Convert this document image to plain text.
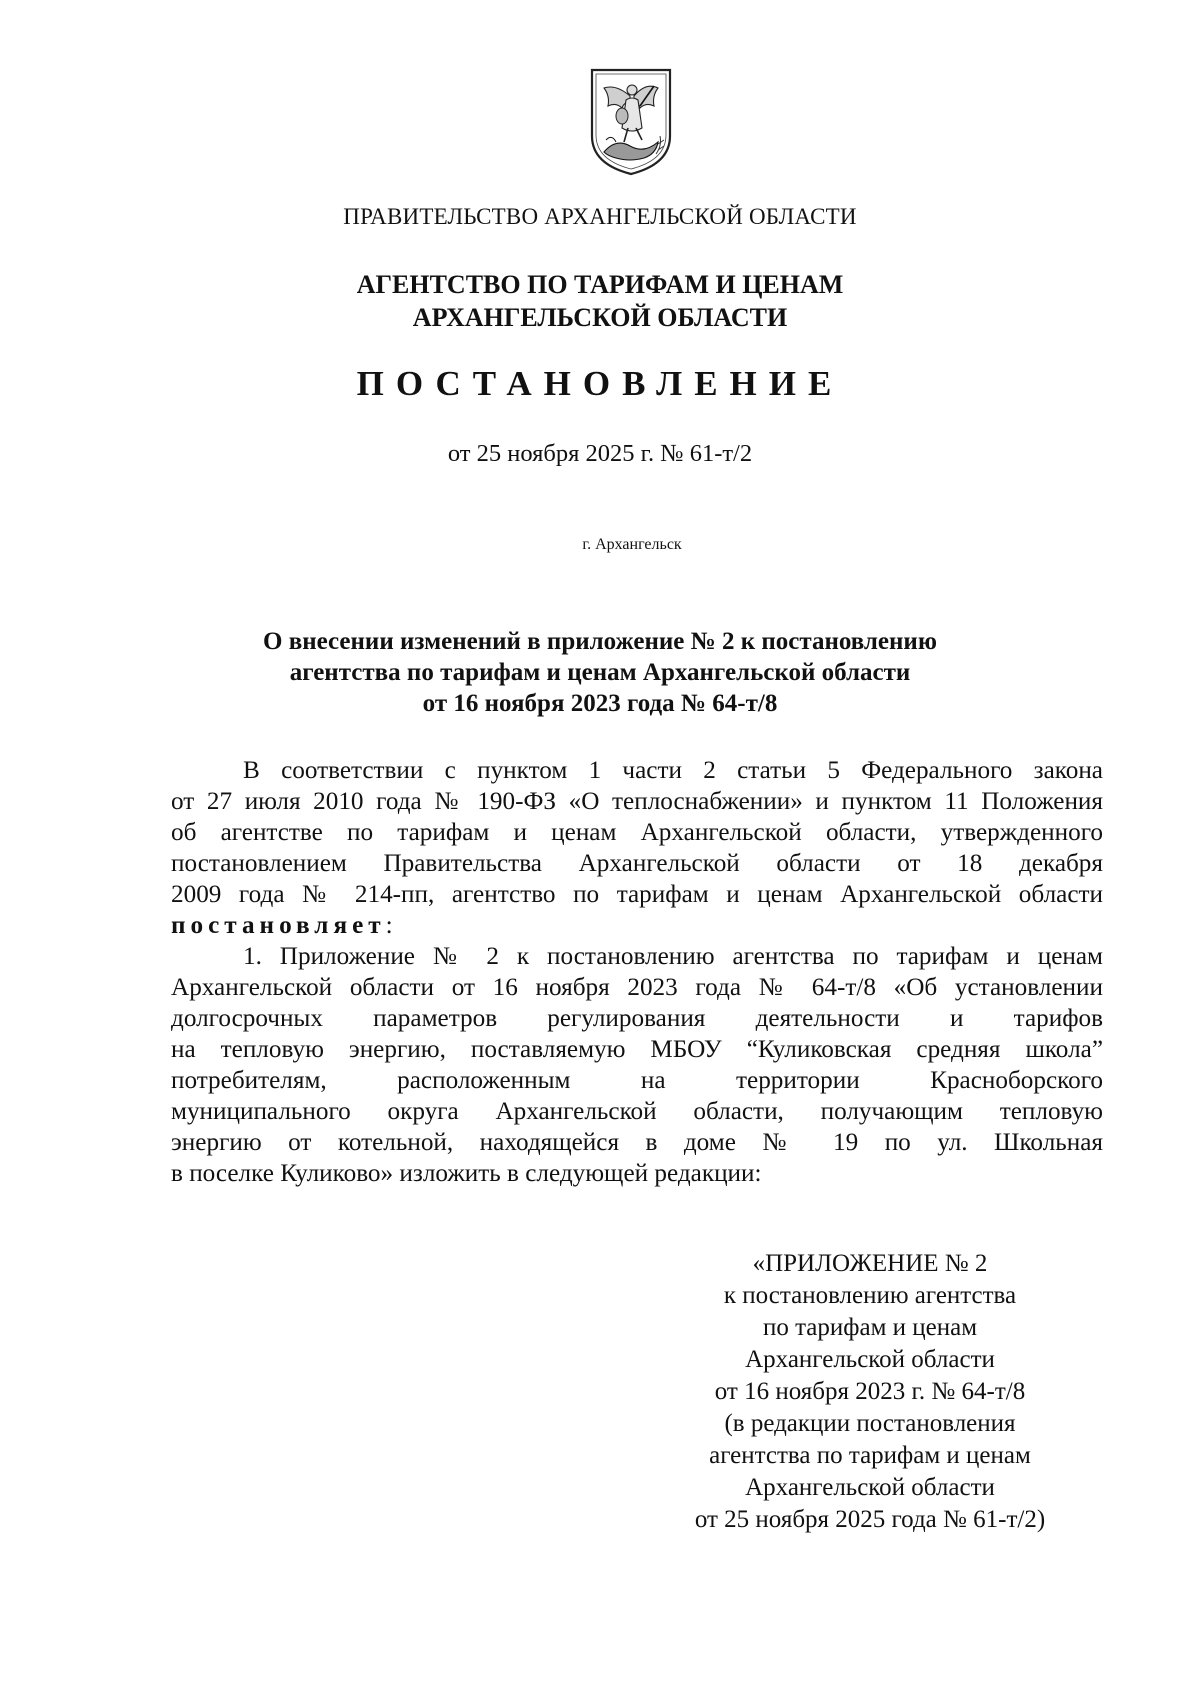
ПРАВИТЕЛЬСТВО АРХАНГЕЛЬСКОЙ ОБЛАСТИ
АГЕНТСТВО ПО ТАРИФАМ И ЦЕНАМ
АРХАНГЕЛЬСКОЙ ОБЛАСТИ
ПОСТАНОВЛЕНИЕ
от 25 ноября 2025 г. № 61-т/2
г. Архангельск
О внесении изменений в приложение № 2 к постановлению
агентства по тарифам и ценам Архангельской области
от 16 ноября 2023 года № 64-т/8
В соответствии с пунктом 1 части 2 статьи 5 Федерального закона
от 27 июля 2010 года № 190-ФЗ «О теплоснабжении» и пунктом 11 Положения
об агентстве по тарифам и ценам Архангельской области, утвержденного
постановлением Правительства Архангельской области от 18 декабря
2009 года № 214-пп, агентство по тарифам и ценам Архангельской области
постановляет:
1. Приложение № 2 к постановлению агентства по тарифам и ценам
Архангельской области от 16 ноября 2023 года № 64-т/8 «Об установлении
долгосрочных параметров регулирования деятельности и тарифов
на тепловую энергию, поставляемую МБОУ “Куликовская средняя школа”
потребителям, расположенным на территории Красноборского
муниципального округа Архангельской области, получающим тепловую
энергию от котельной, находящейся в доме № 19 по ул. Школьная
в поселке Куликово» изложить в следующей редакции:
«ПРИЛОЖЕНИЕ № 2
к постановлению агентства
по тарифам и ценам
Архангельской области
от 16 ноября 2023 г. № 64-т/8
(в редакции постановления
агентства по тарифам и ценам
Архангельской области
от 25 ноября 2025 года № 61-т/2)
